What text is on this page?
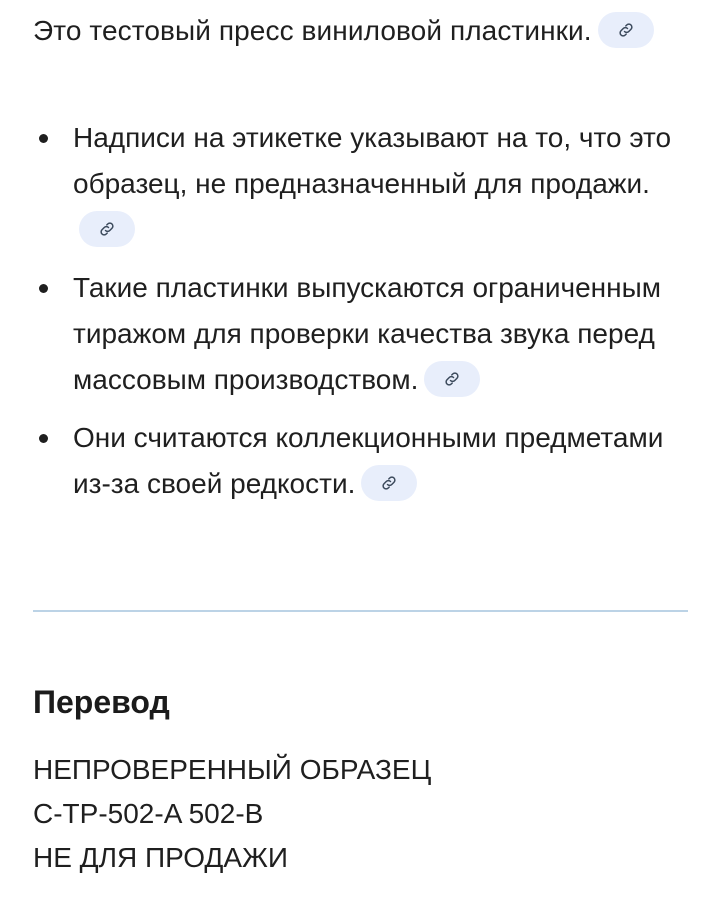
Это тестовый пресс виниловой пластинки.
Надписи на этикетке указывают на то, что это образец, не предназначенный для продажи.
Такие пластинки выпускаются ограниченным тиражом для проверки качества звука перед массовым производством.
Они считаются коллекционными предметами из-за своей редкости.
Перевод
НЕПРОВЕРЕННЫЙ ОБРАЗЕЦ
C-TP-502-A 502-B
НЕ ДЛЯ ПРОДАЖИ
